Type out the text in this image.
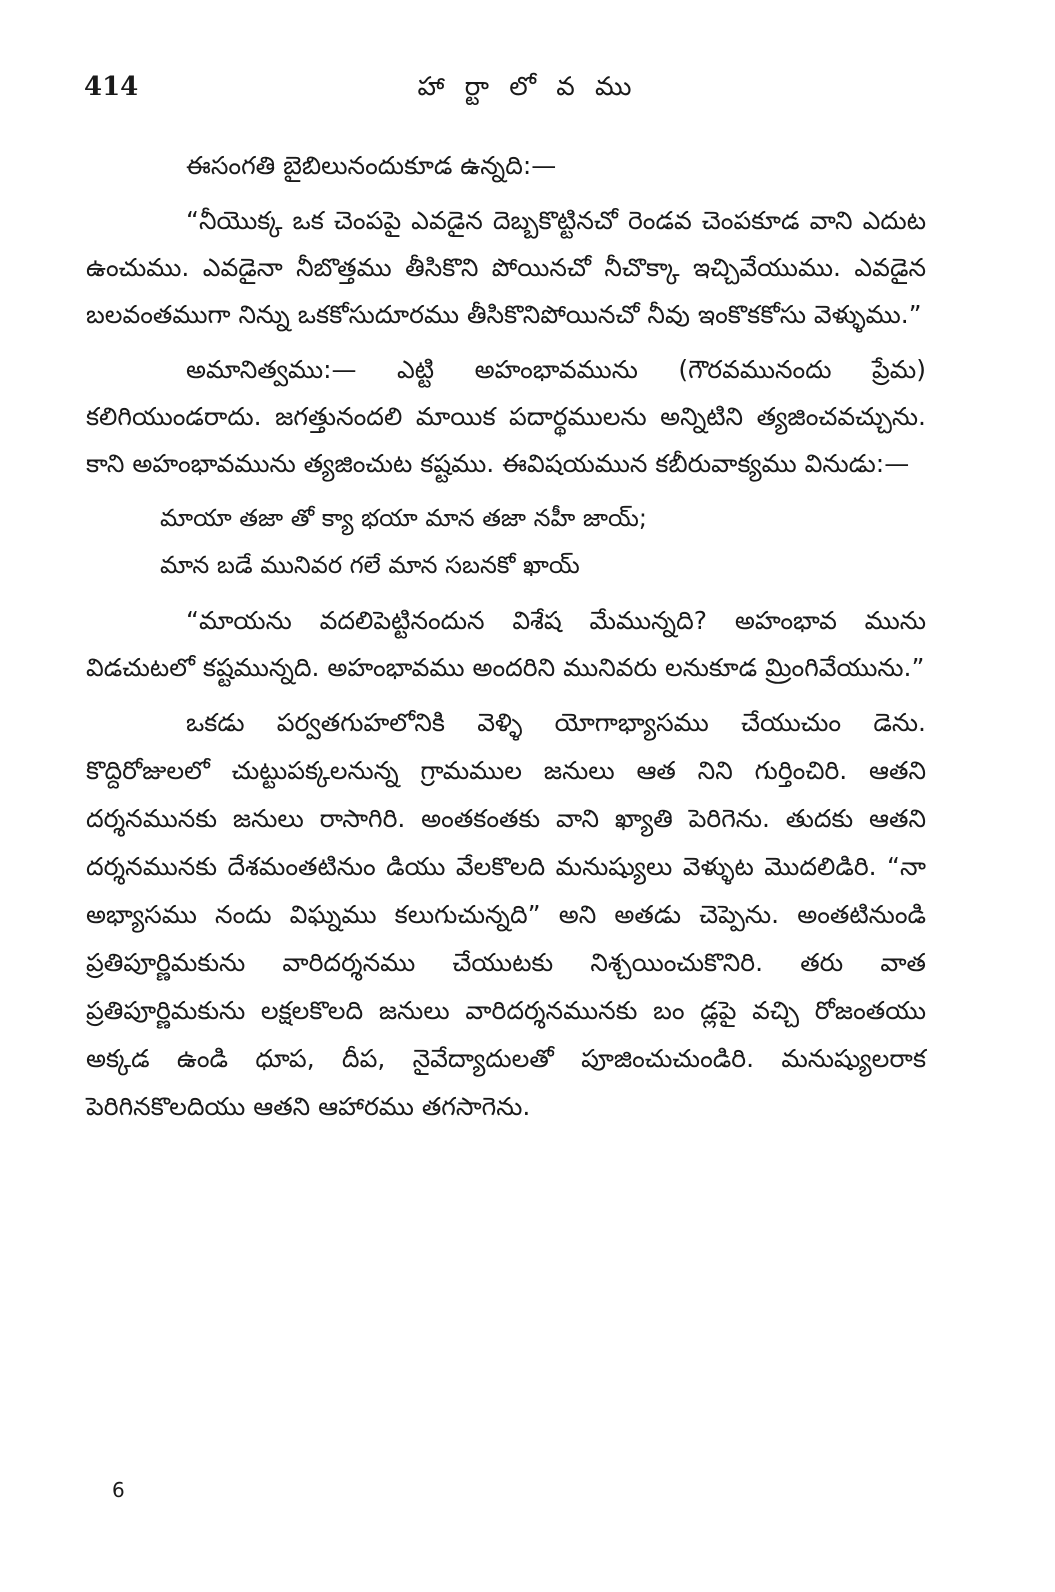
414	హా ర్టా లో వ ము

ఈసంగతి బైబిలునందుకూడ ఉన్నది:—

“నీయొక్క ఒక చెంపపై ఎవడైన దెబ్బకొట్టినచో రెండవ చెంపకూడ వాని ఎదుట ఉంచుము. ఎవడైనా నీబొత్తము తీసికొని పోయినచో నీచొక్కా ఇచ్చివేయుము. ఎవడైన బలవంతముగా నిన్ను ఒకకోసుదూరము తీసికొనిపోయినచో నీవు ఇంకొకకోసు వెళ్ళుము.”

అమానిత్వము:— ఎట్టి అహంభావమును (గౌరవమునందు ప్రేమ) కలిగియుండరాదు. జగత్తునందలి మాయిక పదార్థములను అన్నిటిని త్యజించవచ్చును. కాని అహంభావమును త్యజించుట కష్టము. ఈవిషయమున కబీరువాక్యము వినుడు:—

మాయా తజా తో క్యా భయా మాన తజా నహీ జాయ్;
మాన బడే మునివర గలే మాన సబనకో ఖాయ్

“మాయను వదలిపెట్టినందున విశేష మేమున్నది? అహంభావ మును విడచుటలో కష్టమున్నది. అహంభావము అందరిని మునివరు లనుకూడ మ్రింగివేయును.”

ఒకడు పర్వతగుహలోనికి వెళ్ళి యోగాభ్యాసము చేయుచుం డెను. కొద్దిరోజులలో చుట్టుపక్కలనున్న గ్రామముల జనులు ఆత నిని గుర్తించిరి. ఆతని దర్శనమునకు జనులు రాసాగిరి. అంతకంతకు వాని ఖ్యాతి పెరిగెను. తుదకు ఆతని దర్శనమునకు దేశమంతటినుం డియు వేలకొలది మనుష్యులు వెళ్ళుట మొదలిడిరి. “నా అభ్యాసము నందు విఘ్నము కలుగుచున్నది” అని అతడు చెప్పెను. అంతటినుండి ప్రతిపూర్ణిమకును వారిదర్శనము చేయుటకు నిశ్చయించుకొనిరి. తరు వాత ప్రతిపూర్ణిమకును లక్షలకొలది జనులు వారిదర్శనమునకు బం డ్లపై వచ్చి రోజంతయు అక్కడ ఉండి ధూప, దీప, నైవేద్యాదులతో పూజించుచుండిరి. మనుష్యులరాక పెరిగినకొలదియు ఆతని ఆహారము తగసాగెను.

6
